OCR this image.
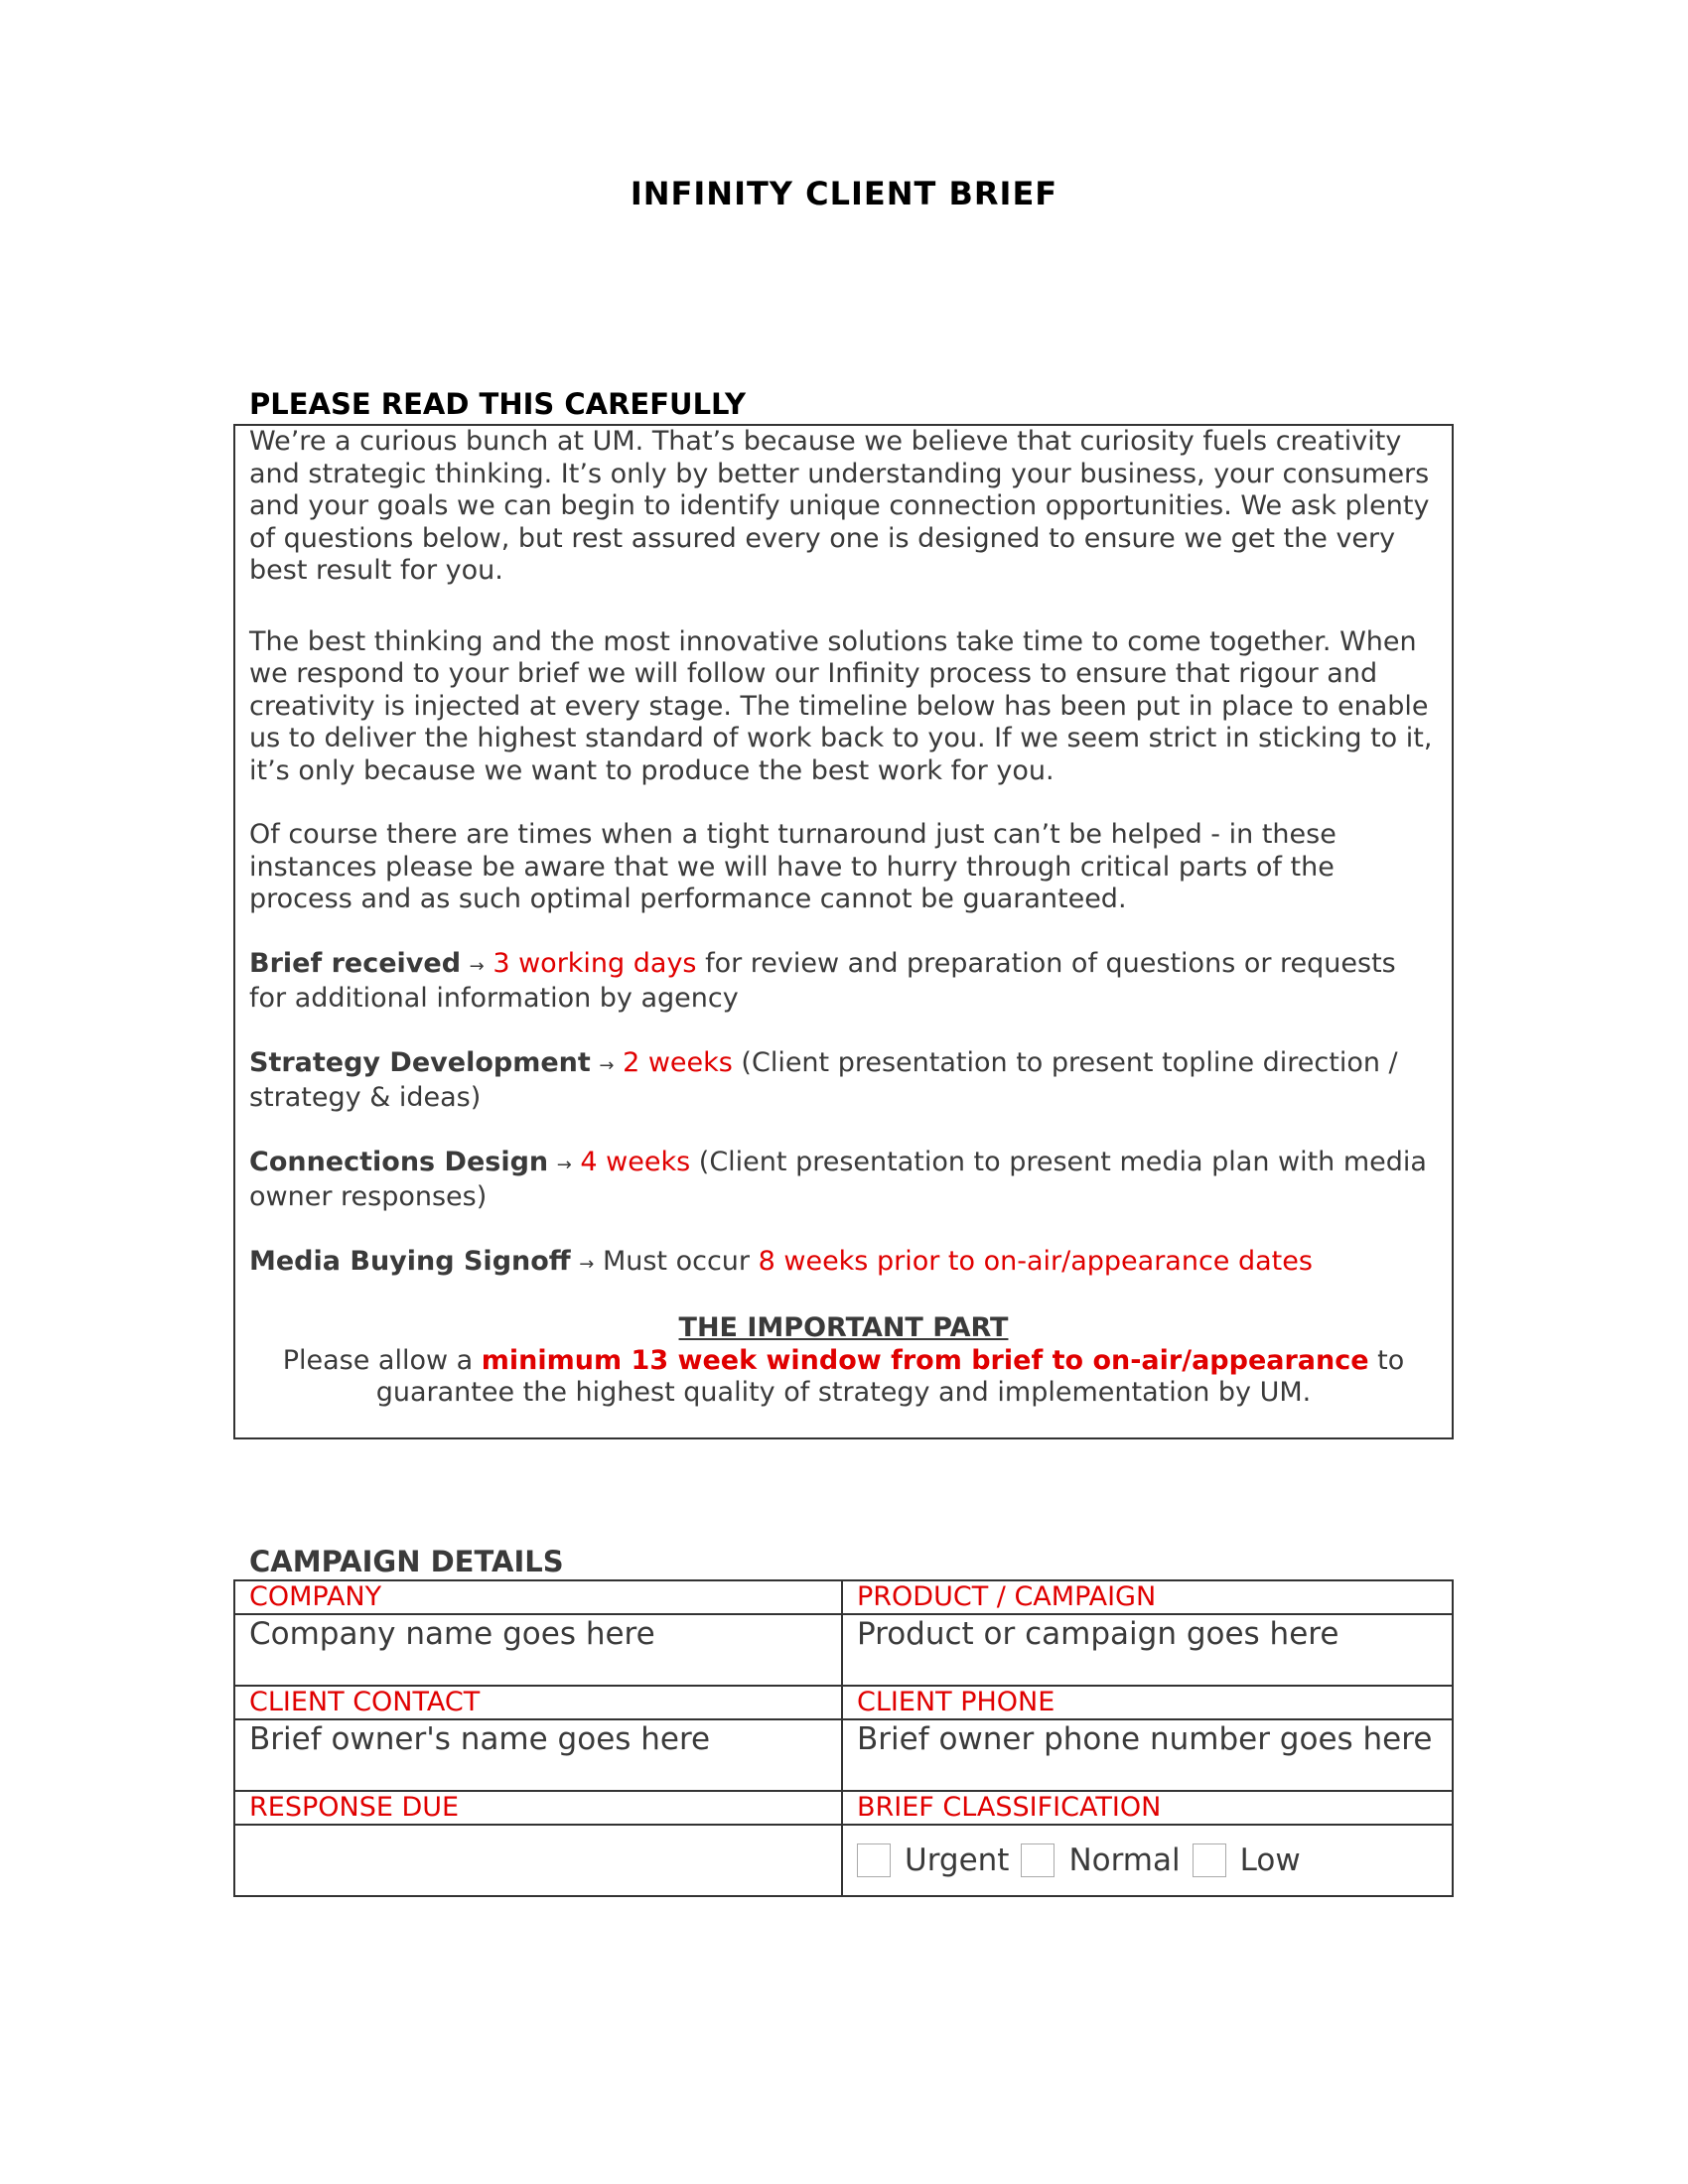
INFINITY CLIENT BRIEF
PLEASE READ THIS CAREFULLY

We’re a curious bunch at UM. That’s because we believe that curiosity fuels creativity and strategic thinking. It’s only by better understanding your business, your consumers and your goals we can begin to identify unique connection opportunities. We ask plenty of questions below, but rest assured every one is designed to ensure we get the very best result for you.

The best thinking and the most innovative solutions take time to come together. When we respond to your brief we will follow our Infinity process to ensure that rigour and creativity is injected at every stage. The timeline below has been put in place to enable us to deliver the highest standard of work back to you. If we seem strict in sticking to it, it’s only because we want to produce the best work for you.

Of course there are times when a tight turnaround just can’t be helped - in these instances please be aware that we will have to hurry through critical parts of the process and as such optimal performance cannot be guaranteed.

Brief received → 3 working days for review and preparation of questions or requests for additional information by agency

Strategy Development → 2 weeks (Client presentation to present topline direction / strategy & ideas)

Connections Design → 4 weeks (Client presentation to present media plan with media owner responses)

Media Buying Signoff → Must occur 8 weeks prior to on-air/appearance dates

THE IMPORTANT PART
Please allow a minimum 13 week window from brief to on-air/appearance to guarantee the highest quality of strategy and implementation by UM.

CAMPAIGN DETAILS
COMPANY	PRODUCT / CAMPAIGN
Company name goes here	Product or campaign goes here
CLIENT CONTACT	CLIENT PHONE
Brief owner's name goes here	Brief owner phone number goes here
RESPONSE DUE	BRIEF CLASSIFICATION

	Urgent Normal Low
